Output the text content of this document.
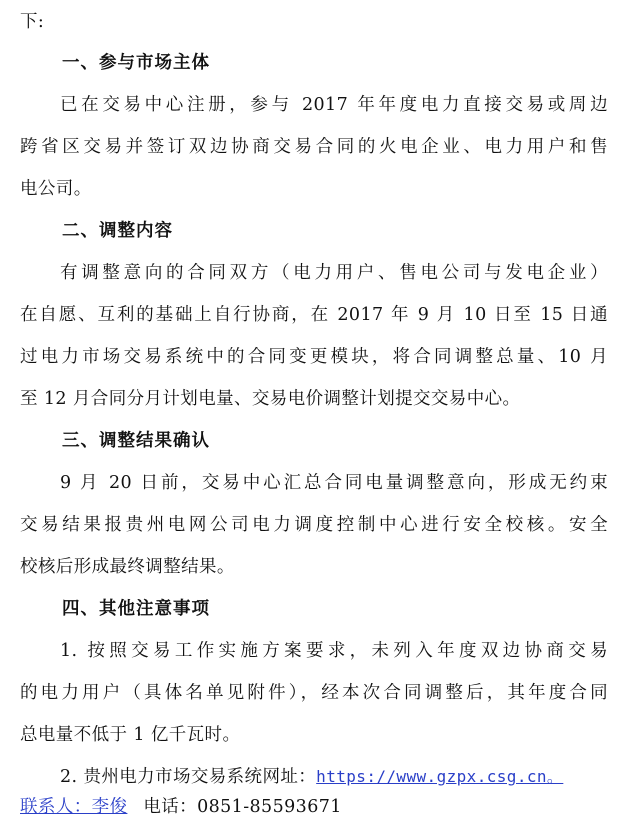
下:
一、参与市场主体
已在交易中心注册，参与 2017 年年度电力直接交易或周边
跨省区交易并签订双边协商交易合同的火电企业、电力用户和售
电公司。
二、调整内容
有调整意向的合同双方（电力用户、售电公司与发电企业）
在自愿、互利的基础上自行协商，在 2017 年 9 月 10 日至 15 日通
过电力市场交易系统中的合同变更模块，将合同调整总量、10 月
至 12 月合同分月计划电量、交易电价调整计划提交交易中心。
三、调整结果确认
9 月 20 日前，交易中心汇总合同电量调整意向，形成无约束
交易结果报贵州电网公司电力调度控制中心进行安全校核。安全
校核后形成最终调整结果。
四、其他注意事项
1. 按照交易工作实施方案要求，未列入年度双边协商交易
的电力用户（具体名单见附件），经本次合同调整后，其年度合同
总电量不低于 1 亿千瓦时。
2. 贵州电力市场交易系统网址：https://www.gzpx.csg.cn。
联系人：李俊 电话：0851-85593671
